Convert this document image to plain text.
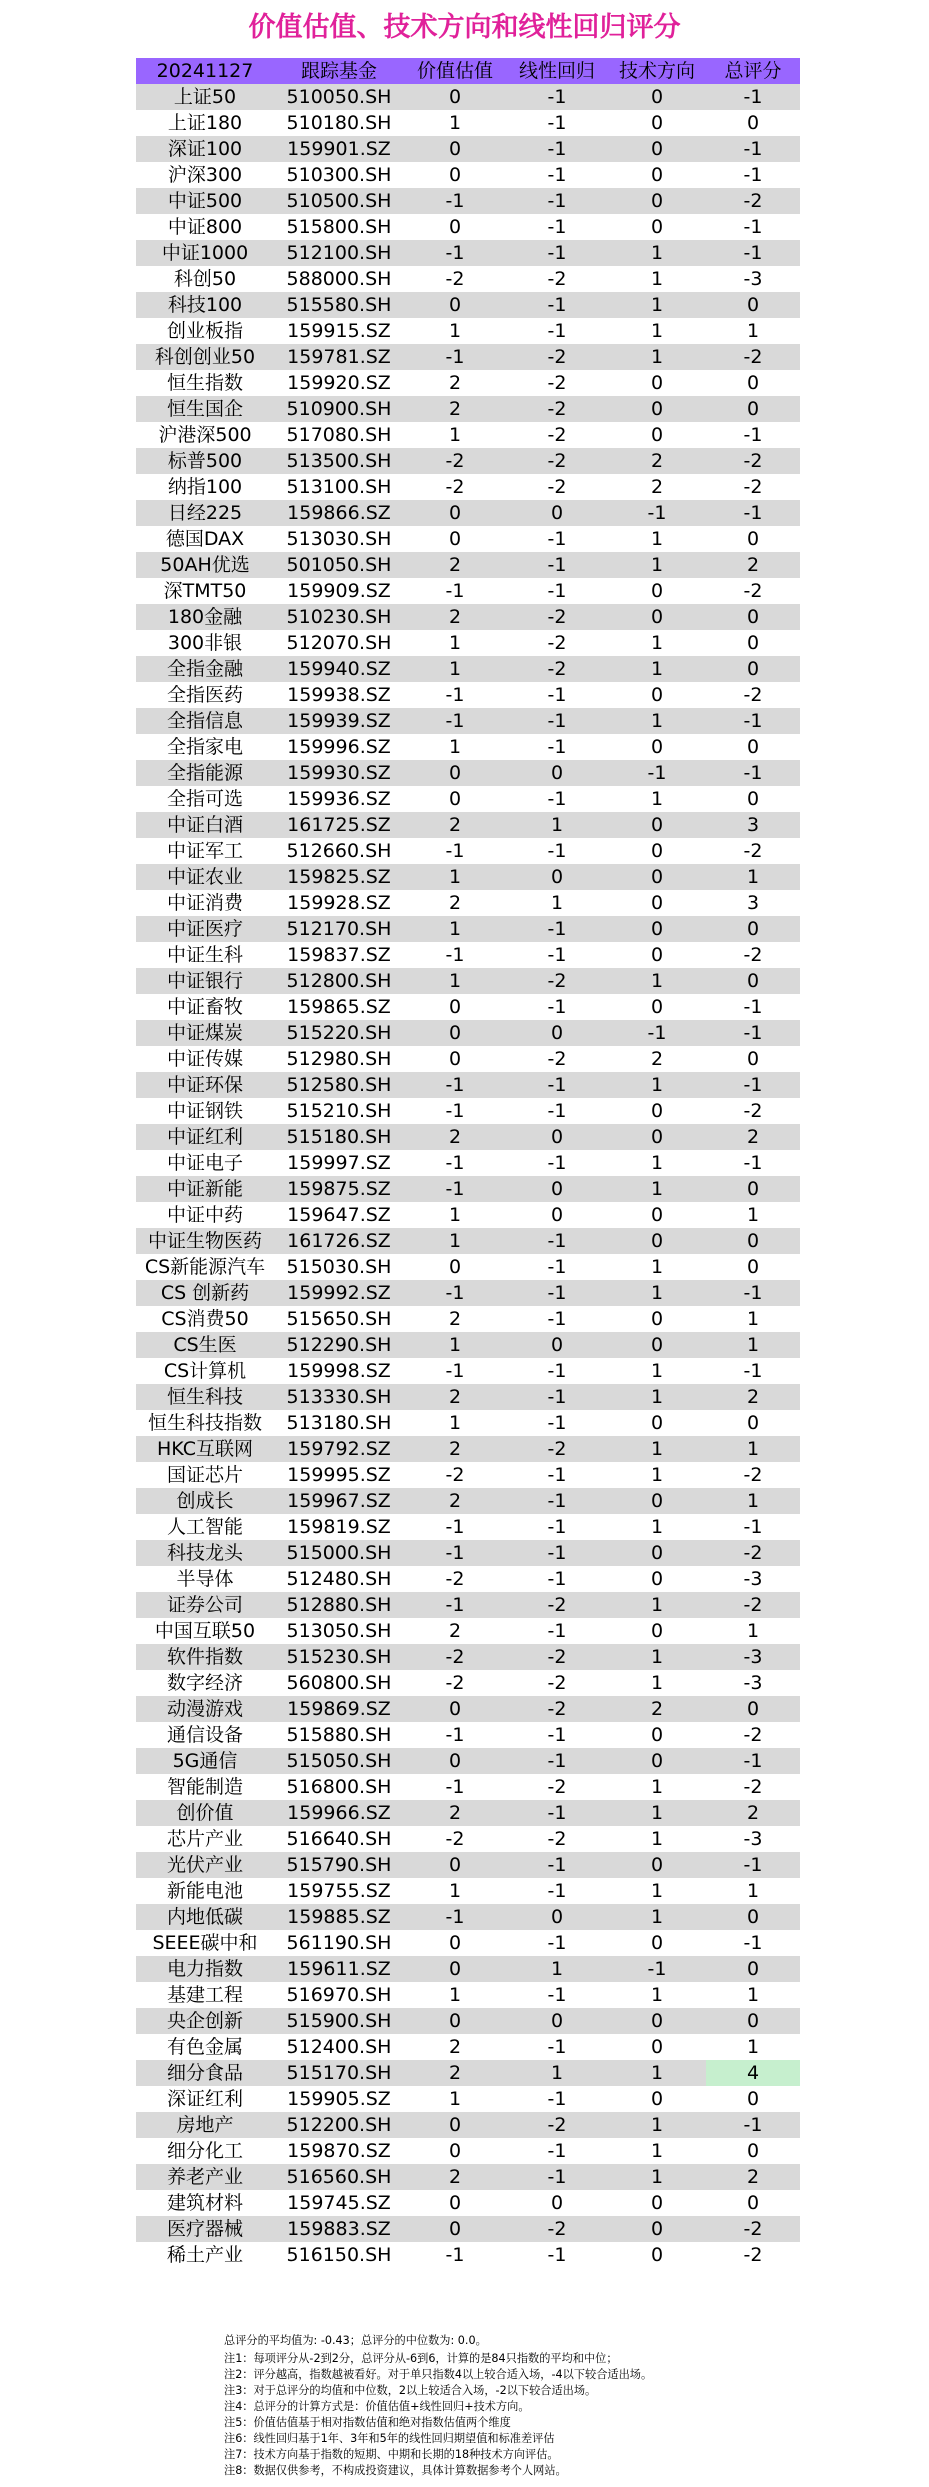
价值估值、技术方向和线性回归评分
20241127	跟踪基金	价值估值	线性回归	技术方向	总评分
上证50	510050.SH	0	-1	0	-1
上证180	510180.SH	1	-1	0	0
深证100	159901.SZ	0	-1	0	-1
沪深300	510300.SH	0	-1	0	-1
中证500	510500.SH	-1	-1	0	-2
中证800	515800.SH	0	-1	0	-1
中证1000	512100.SH	-1	-1	1	-1
科创50	588000.SH	-2	-2	1	-3
科技100	515580.SH	0	-1	1	0
创业板指	159915.SZ	1	-1	1	1
科创创业50	159781.SZ	-1	-2	1	-2
恒生指数	159920.SZ	2	-2	0	0
恒生国企	510900.SH	2	-2	0	0
沪港深500	517080.SH	1	-2	0	-1
标普500	513500.SH	-2	-2	2	-2
纳指100	513100.SH	-2	-2	2	-2
日经225	159866.SZ	0	0	-1	-1
德国DAX	513030.SH	0	-1	1	0
50AH优选	501050.SH	2	-1	1	2
深TMT50	159909.SZ	-1	-1	0	-2
180金融	510230.SH	2	-2	0	0
300非银	512070.SH	1	-2	1	0
全指金融	159940.SZ	1	-2	1	0
全指医药	159938.SZ	-1	-1	0	-2
全指信息	159939.SZ	-1	-1	1	-1
全指家电	159996.SZ	1	-1	0	0
全指能源	159930.SZ	0	0	-1	-1
全指可选	159936.SZ	0	-1	1	0
中证白酒	161725.SZ	2	1	0	3
中证军工	512660.SH	-1	-1	0	-2
中证农业	159825.SZ	1	0	0	1
中证消费	159928.SZ	2	1	0	3
中证医疗	512170.SH	1	-1	0	0
中证生科	159837.SZ	-1	-1	0	-2
中证银行	512800.SH	1	-2	1	0
中证畜牧	159865.SZ	0	-1	0	-1
中证煤炭	515220.SH	0	0	-1	-1
中证传媒	512980.SH	0	-2	2	0
中证环保	512580.SH	-1	-1	1	-1
中证钢铁	515210.SH	-1	-1	0	-2
中证红利	515180.SH	2	0	0	2
中证电子	159997.SZ	-1	-1	1	-1
中证新能	159875.SZ	-1	0	1	0
中证中药	159647.SZ	1	0	0	1
中证生物医药	161726.SZ	1	-1	0	0
CS新能源汽车	515030.SH	0	-1	1	0
CS 创新药	159992.SZ	-1	-1	1	-1
CS消费50	515650.SH	2	-1	0	1
CS生医	512290.SH	1	0	0	1
CS计算机	159998.SZ	-1	-1	1	-1
恒生科技	513330.SH	2	-1	1	2
恒生科技指数	513180.SH	1	-1	0	0
HKC互联网	159792.SZ	2	-2	1	1
国证芯片	159995.SZ	-2	-1	1	-2
创成长	159967.SZ	2	-1	0	1
人工智能	159819.SZ	-1	-1	1	-1
科技龙头	515000.SH	-1	-1	0	-2
半导体	512480.SH	-2	-1	0	-3
证券公司	512880.SH	-1	-2	1	-2
中国互联50	513050.SH	2	-1	0	1
软件指数	515230.SH	-2	-2	1	-3
数字经济	560800.SH	-2	-2	1	-3
动漫游戏	159869.SZ	0	-2	2	0
通信设备	515880.SH	-1	-1	0	-2
5G通信	515050.SH	0	-1	0	-1
智能制造	516800.SH	-1	-2	1	-2
创价值	159966.SZ	2	-1	1	2
芯片产业	516640.SH	-2	-2	1	-3
光伏产业	515790.SH	0	-1	0	-1
新能电池	159755.SZ	1	-1	1	1
内地低碳	159885.SZ	-1	0	1	0
SEEE碳中和	561190.SH	0	-1	0	-1
电力指数	159611.SZ	0	1	-1	0
基建工程	516970.SH	1	-1	1	1
央企创新	515900.SH	0	0	0	0
有色金属	512400.SH	2	-1	0	1
细分食品	515170.SH	2	1	1	4
深证红利	159905.SZ	1	-1	0	0
房地产	512200.SH	0	-2	1	-1
细分化工	159870.SZ	0	-1	1	0
养老产业	516560.SH	2	-1	1	2
建筑材料	159745.SZ	0	0	0	0
医疗器械	159883.SZ	0	-2	0	-2
稀土产业	516150.SH	-1	-1	0	-2
总评分的平均值为: -0.43；总评分的中位数为: 0.0。
注1：每项评分从-2到2分，总评分从-6到6，计算的是84只指数的平均和中位；
注2：评分越高，指数越被看好。对于单只指数4以上较合适入场，-4以下较合适出场。
注3：对于总评分的均值和中位数，2以上较适合入场，-2以下较合适出场。
注4：总评分的计算方式是：价值估值+线性回归+技术方向。
注5：价值估值基于相对指数估值和绝对指数估值两个维度
注6：线性回归基于1年、3年和5年的线性回归期望值和标准差评估
注7：技术方向基于指数的短期、中期和长期的18种技术方向评估。
注8：数据仅供参考，不构成投资建议，具体计算数据参考个人网站。
